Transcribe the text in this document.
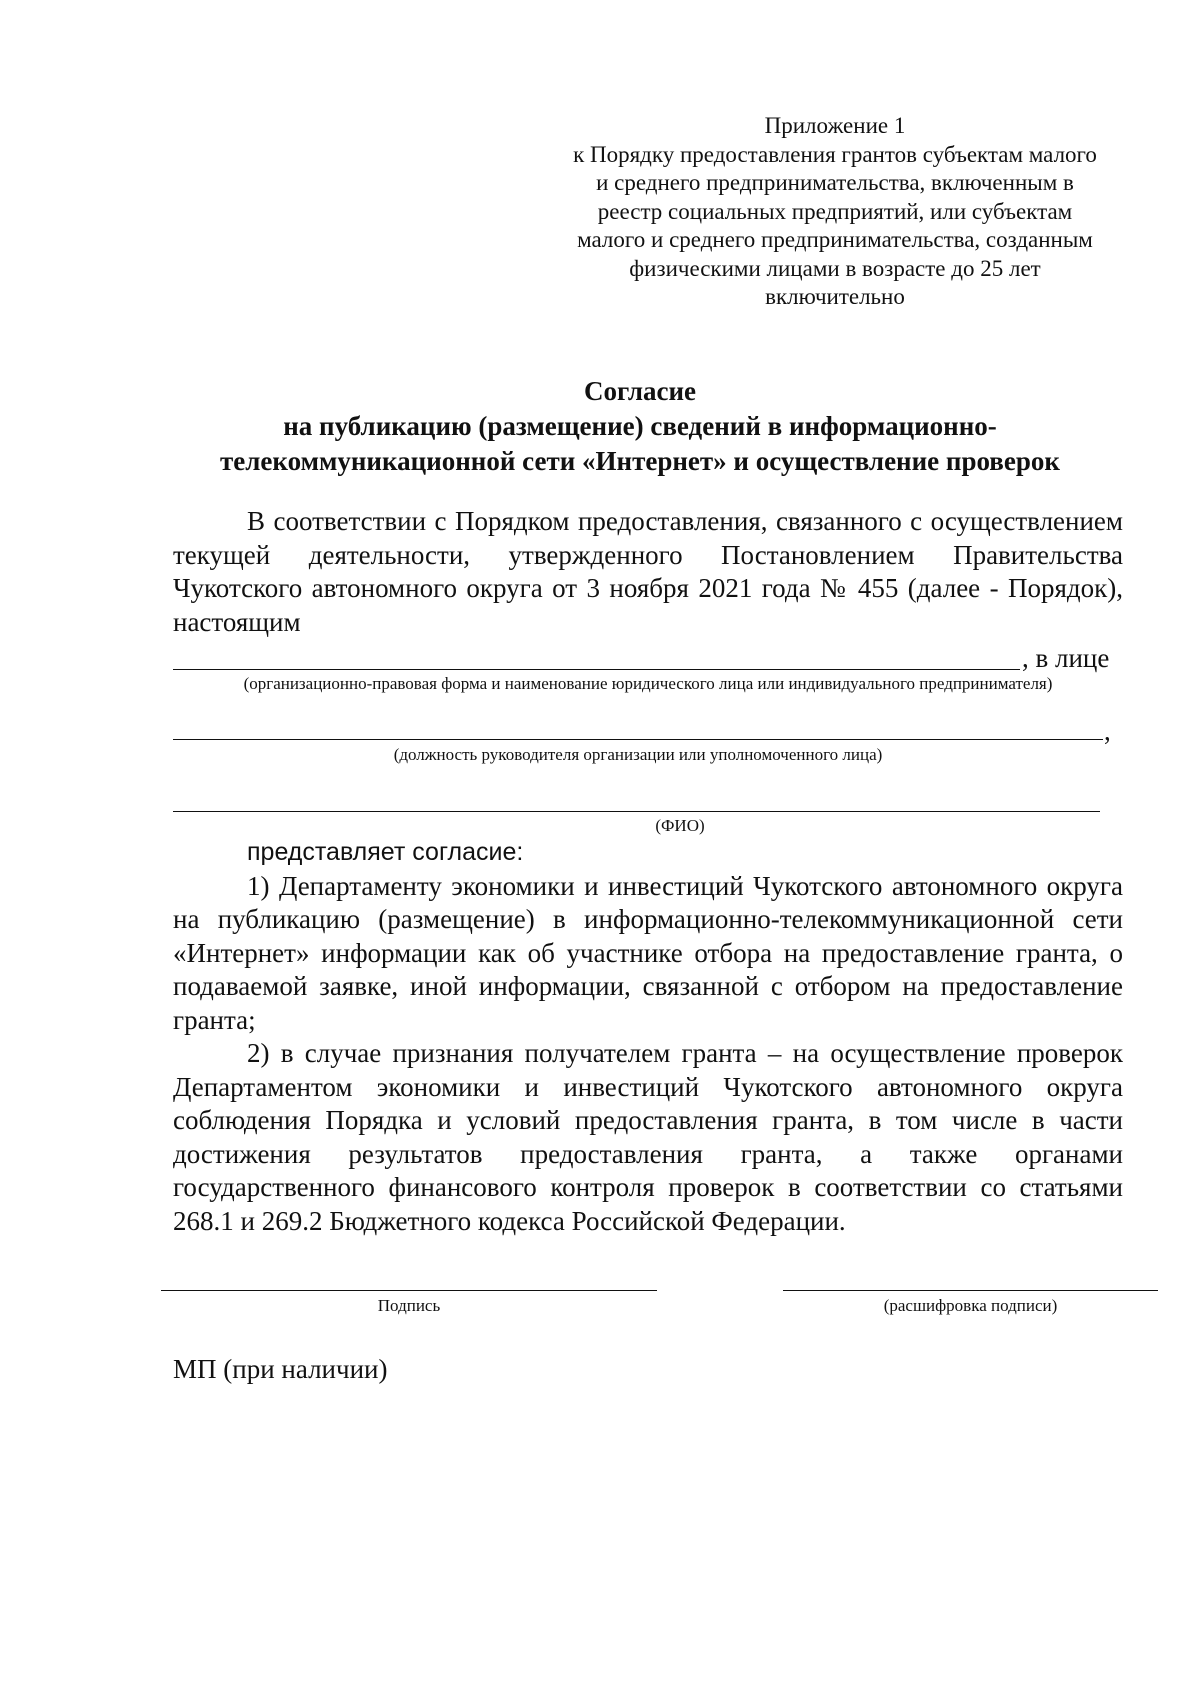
Приложение 1
к Порядку предоставления грантов субъектам малого
и среднего предпринимательства, включенным в
реестр социальных предприятий, или субъектам
малого и среднего предпринимательства, созданным
физическими лицами в возрасте до 25 лет
включительно
Согласие
на публикацию (размещение) сведений в информационно-
телекоммуникационной сети «Интернет» и осуществление проверок

В соответствии с Порядком предоставления, связанного с осуществлением текущей деятельности, утвержденного Постановлением Правительства Чукотского автономного округа от 3 ноября 2021 года № 455 (далее - Порядок), настоящим

, в лице
(организационно-правовая форма и наименование юридического лица или индивидуального предпринимателя)
,
(должность руководителя организации или уполномоченного лица)
(ФИО)

представляет согласие:

1) Департаменту экономики и инвестиций Чукотского автономного округа на публикацию (размещение) в информационно-телекоммуникационной сети «Интернет» информации как об участнике отбора на предоставление гранта, о подаваемой заявке, иной информации, связанной с отбором на предоставление гранта;

2) в случае признания получателем гранта – на осуществление проверок Департаментом экономики и инвестиций Чукотского автономного округа соблюдения Порядка и условий предоставления гранта, в том числе в части достижения результатов предоставления гранта, а также органами государственного финансового контроля проверок в соответствии со статьями 268.1 и 269.2 Бюджетного кодекса Российской Федерации.

Подпись	(расшифровка подписи)
МП (при наличии)
